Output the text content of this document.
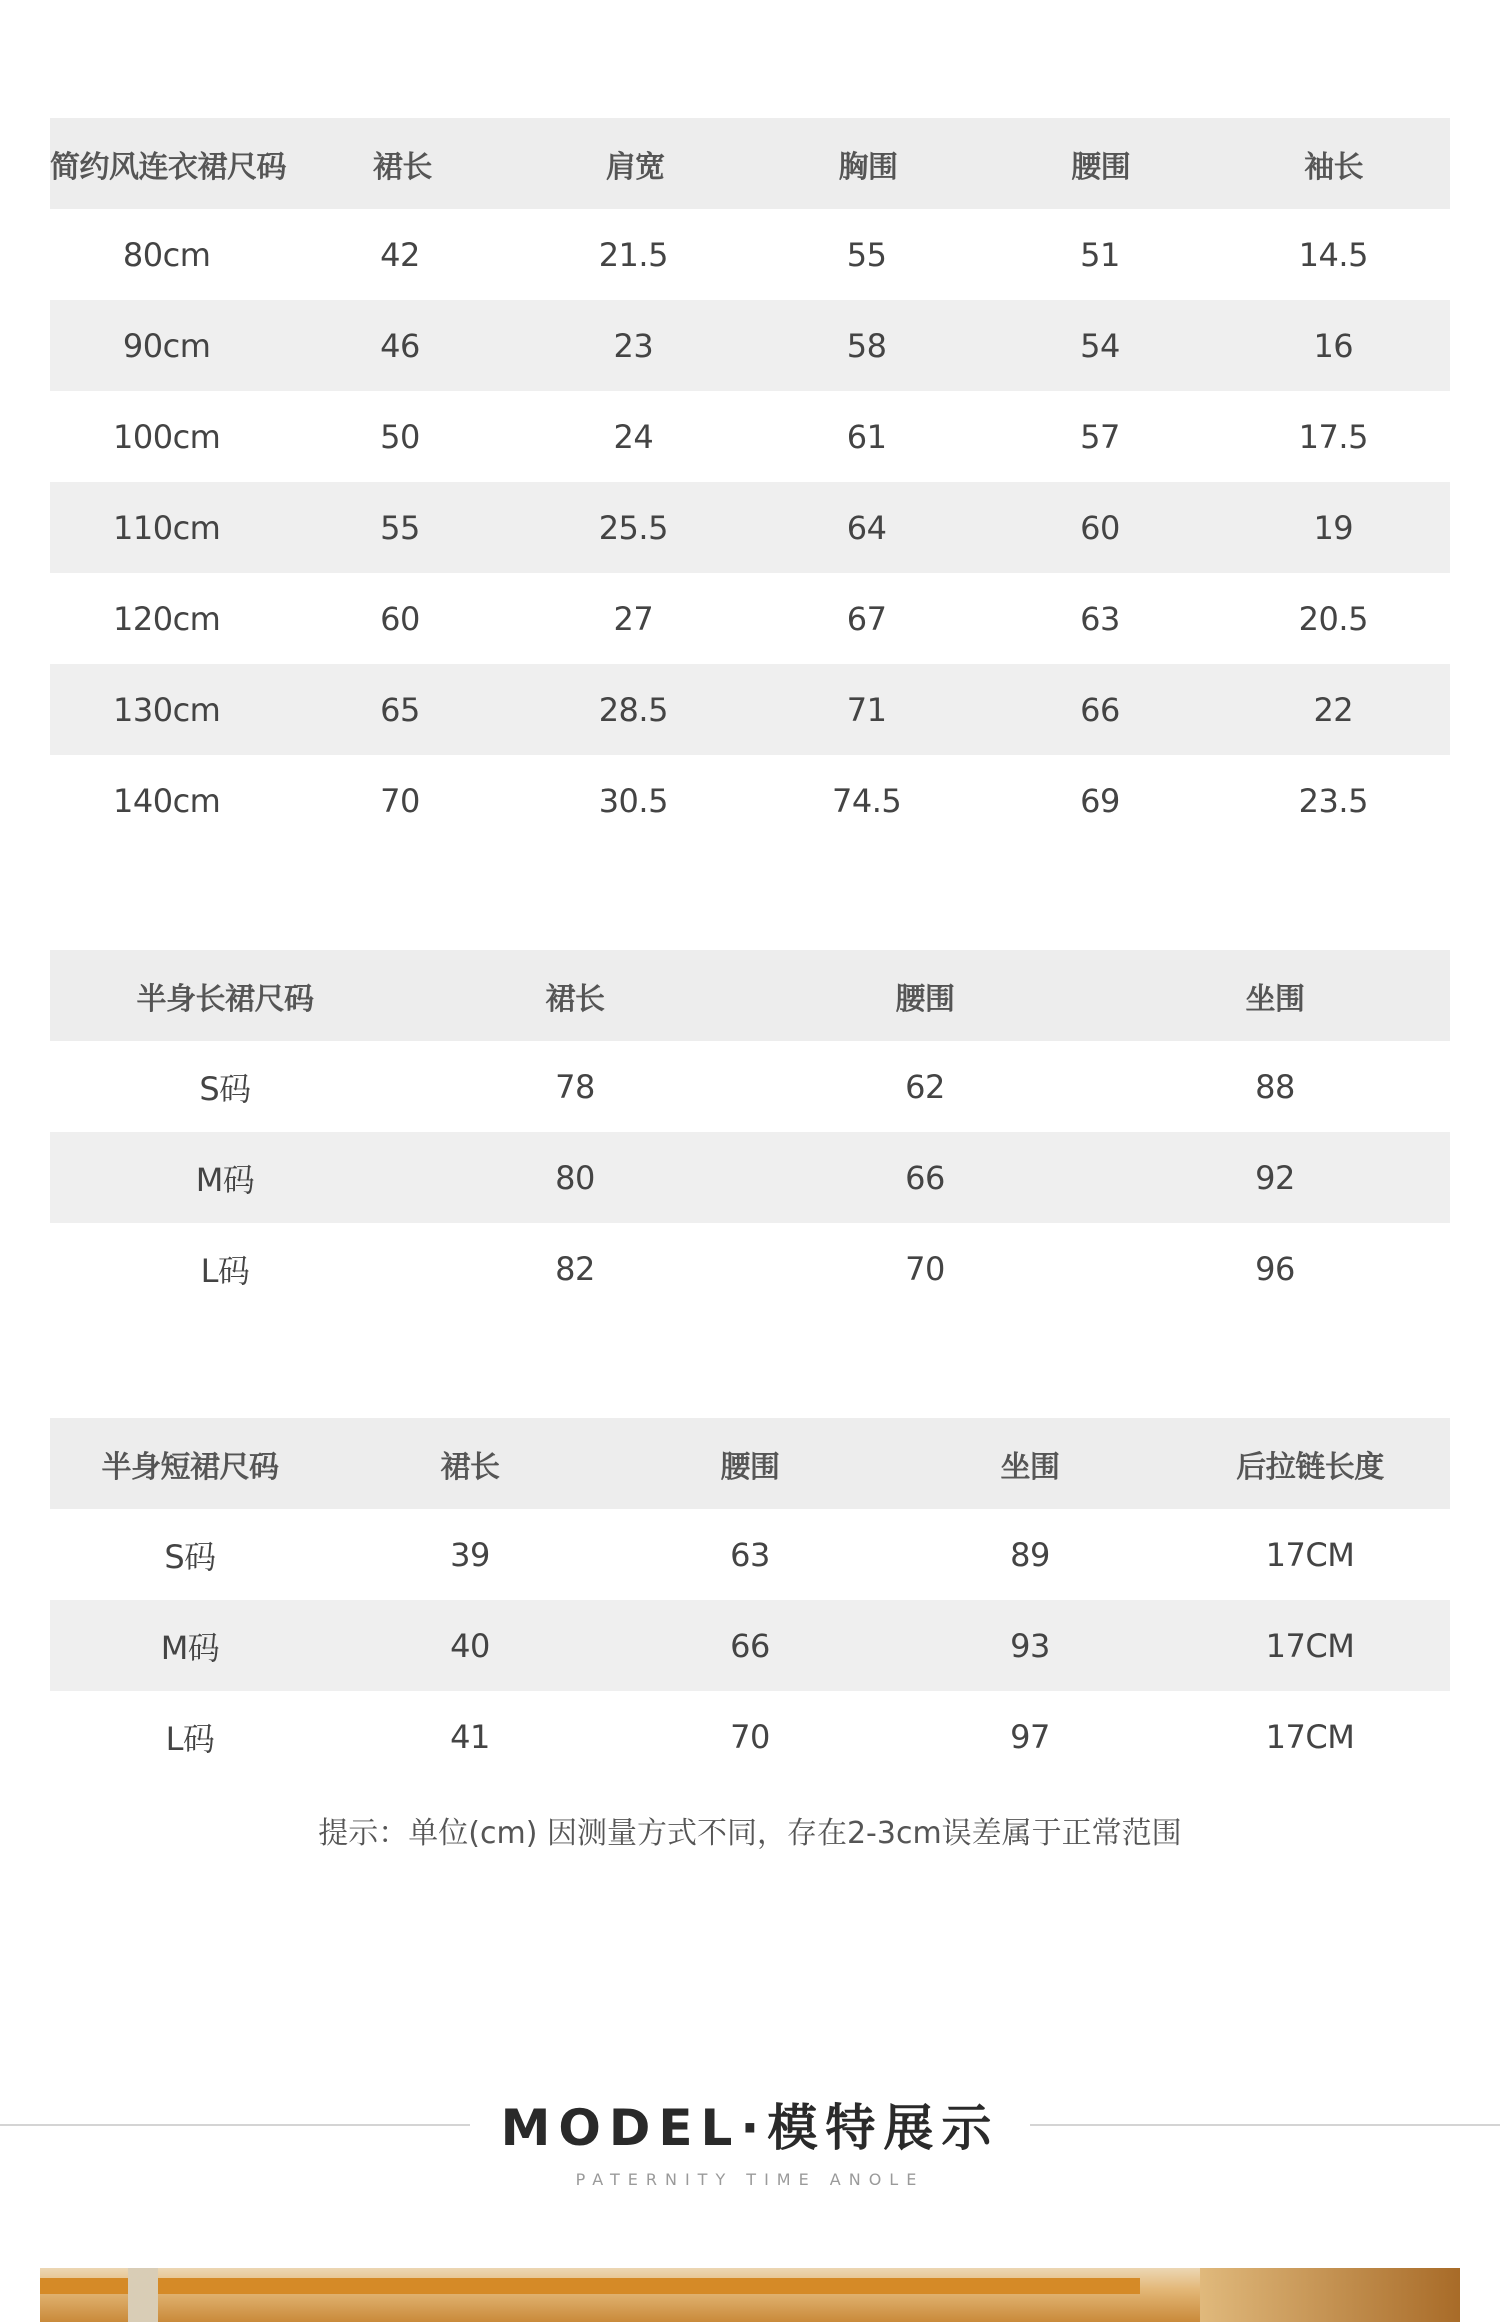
简约风连衣裙尺码	裙长	肩宽	胸围	腰围	袖长
80cm	42	21.5	55	51	14.5
90cm	46	23	58	54	16
100cm	50	24	61	57	17.5
110cm	55	25.5	64	60	19
120cm	60	27	67	63	20.5
130cm	65	28.5	71	66	22
140cm	70	30.5	74.5	69	23.5
半身长裙尺码	裙长	腰围	坐围
S码	78	62	88
M码	80	66	92
L码	82	70	96
半身短裙尺码	裙长	腰围	坐围	后拉链长度
S码	39	63	89	17CM
M码	40	66	93	17CM
L码	41	70	97	17CM
提示：单位(cm) 因测量方式不同，存在2-3cm误差属于正常范围
MODEL·模特展示
PATERNITY TIME ANOLE
